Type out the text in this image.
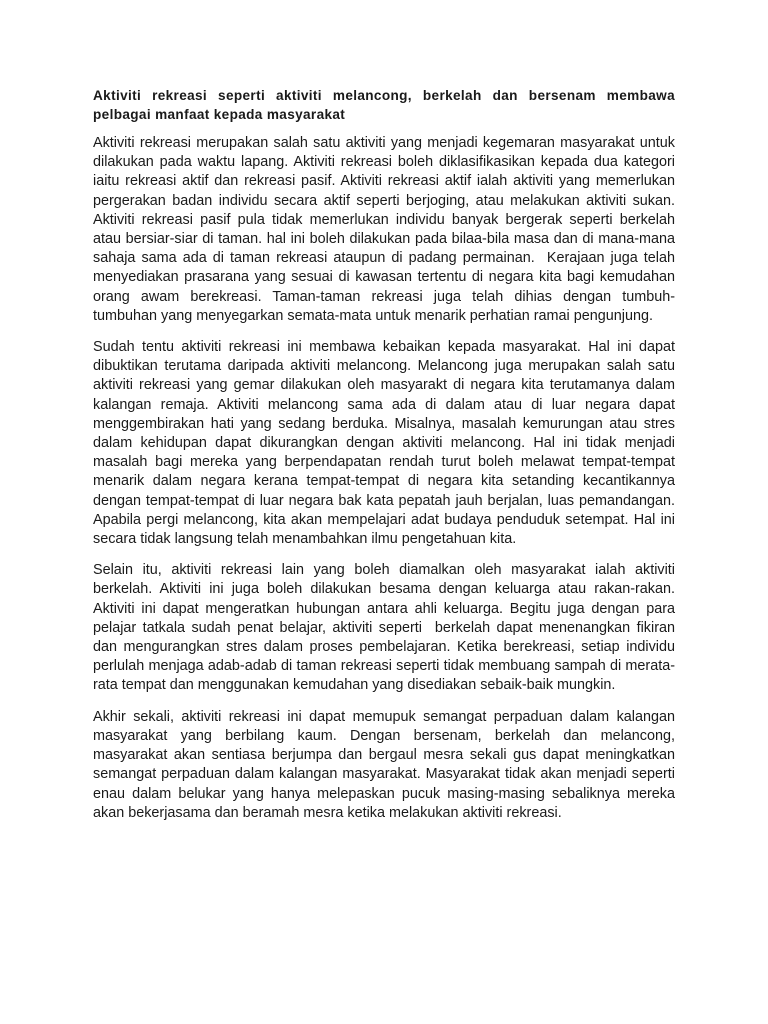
Aktiviti rekreasi seperti aktiviti melancong, berkelah dan bersenam membawa pelbagai manfaat kepada masyarakat

Aktiviti rekreasi merupakan salah satu aktiviti yang menjadi kegemaran masyarakat untuk dilakukan pada waktu lapang. Aktiviti rekreasi boleh diklasifikasikan kepada dua kategori iaitu rekreasi aktif dan rekreasi pasif. Aktiviti rekreasi aktif ialah aktiviti yang memerlukan pergerakan badan individu secara aktif seperti berjoging, atau melakukan aktiviti sukan. Aktiviti rekreasi pasif pula tidak memerlukan individu banyak bergerak seperti berkelah atau bersiar-siar di taman. hal ini boleh dilakukan pada bilaa-bila masa dan di mana-mana sahaja sama ada di taman rekreasi ataupun di padang permainan.  Kerajaan juga telah menyediakan prasarana yang sesuai di kawasan tertentu di negara kita bagi kemudahan orang awam berekreasi. Taman-taman rekreasi juga telah dihias dengan tumbuh-tumbuhan yang menyegarkan semata-mata untuk menarik perhatian ramai pengunjung.

Sudah tentu aktiviti rekreasi ini membawa kebaikan kepada masyarakat. Hal ini dapat dibuktikan terutama daripada aktiviti melancong. Melancong juga merupakan salah satu aktiviti rekreasi yang gemar dilakukan oleh masyarakt di negara kita terutamanya dalam kalangan remaja. Aktiviti melancong sama ada di dalam atau di luar negara dapat menggembirakan hati yang sedang berduka. Misalnya, masalah kemurungan atau stres dalam kehidupan dapat dikurangkan dengan aktiviti melancong. Hal ini tidak menjadi masalah bagi mereka yang berpendapatan rendah turut boleh melawat tempat-tempat menarik dalam negara kerana tempat-tempat di negara kita setanding kecantikannya dengan tempat-tempat di luar negara bak kata pepatah jauh berjalan, luas pemandangan. Apabila pergi melancong, kita akan mempelajari adat budaya penduduk setempat. Hal ini secara tidak langsung telah menambahkan ilmu pengetahuan kita.

Selain itu, aktiviti rekreasi lain yang boleh diamalkan oleh masyarakat ialah aktiviti berkelah. Aktiviti ini juga boleh dilakukan besama dengan keluarga atau rakan-rakan. Aktiviti ini dapat mengeratkan hubungan antara ahli keluarga. Begitu juga dengan para pelajar tatkala sudah penat belajar, aktiviti seperti  berkelah dapat menenangkan fikiran dan mengurangkan stres dalam proses pembelajaran. Ketika berekreasi, setiap individu perlulah menjaga adab-adab di taman rekreasi seperti tidak membuang sampah di merata-rata tempat dan menggunakan kemudahan yang disediakan sebaik-baik mungkin.

Akhir sekali, aktiviti rekreasi ini dapat memupuk semangat perpaduan dalam kalangan masyarakat yang berbilang kaum. Dengan bersenam, berkelah dan melancong, masyarakat akan sentiasa berjumpa dan bergaul mesra sekali gus dapat meningkatkan semangat perpaduan dalam kalangan masyarakat. Masyarakat tidak akan menjadi seperti enau dalam belukar yang hanya melepaskan pucuk masing-masing sebaliknya mereka akan bekerjasama dan beramah mesra ketika melakukan aktiviti rekreasi.
